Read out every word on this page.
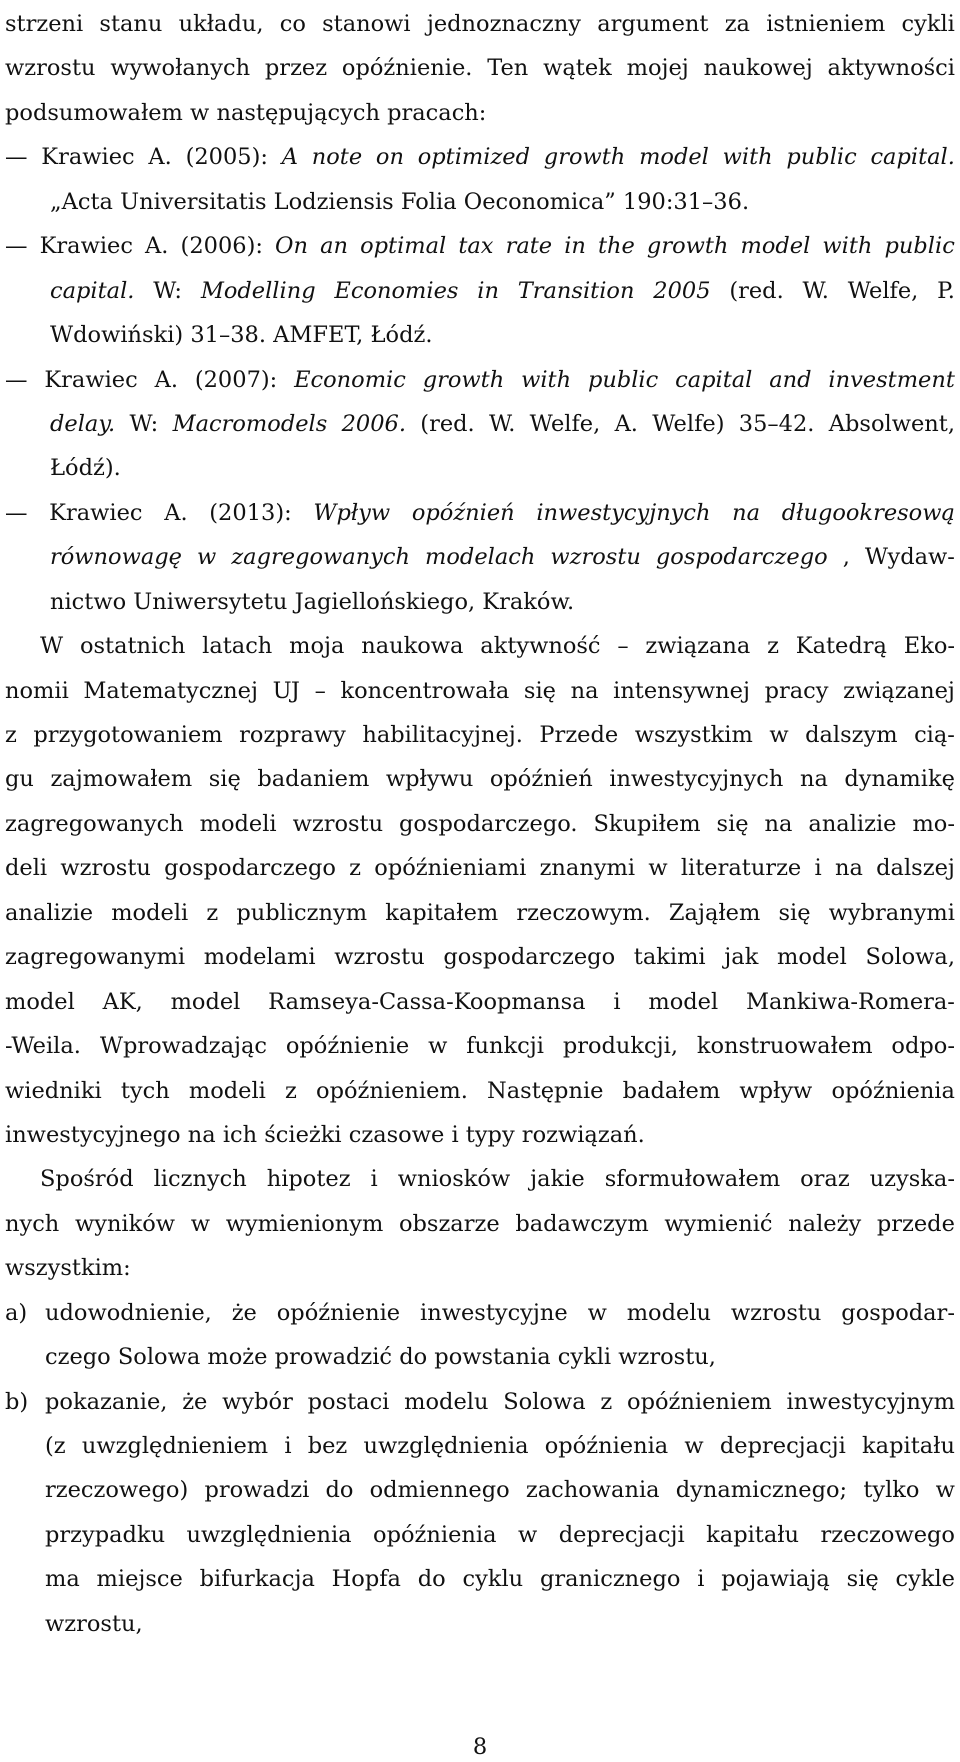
strzeni stanu układu, co stanowi jednoznaczny argument za istnieniem cykli
wzrostu wywołanych przez opóźnienie. Ten wątek mojej naukowej aktywności
podsumowałem w następujących pracach:
— Krawiec A. (2005): A note on optimized growth model with public capital.
„Acta Universitatis Lodziensis Folia Oeconomica” 190:31–36.
— Krawiec A. (2006): On an optimal tax rate in the growth model with public
capital. W: Modelling Economies in Transition 2005 (red. W. Welfe, P.
Wdowiński) 31–38. AMFET, Łódź.
— Krawiec A. (2007): Economic growth with public capital and investment
delay. W: Macromodels 2006. (red. W. Welfe, A. Welfe) 35–42. Absolwent,
Łódź).
— Krawiec A. (2013): Wpływ opóźnień inwestycyjnych na długookresową
równowagę w zagregowanych modelach wzrostu gospodarczego , Wydaw-
nictwo Uniwersytetu Jagiellońskiego, Kraków.
W ostatnich latach moja naukowa aktywność – związana z Katedrą Eko-
nomii Matematycznej UJ – koncentrowała się na intensywnej pracy związanej
z przygotowaniem rozprawy habilitacyjnej. Przede wszystkim w dalszym cią-
gu zajmowałem się badaniem wpływu opóźnień inwestycyjnych na dynamikę
zagregowanych modeli wzrostu gospodarczego. Skupiłem się na analizie mo-
deli wzrostu gospodarczego z opóźnieniami znanymi w literaturze i na dalszej
analizie modeli z publicznym kapitałem rzeczowym. Zająłem się wybranymi
zagregowanymi modelami wzrostu gospodarczego takimi jak model Solowa,
model AK, model Ramseya-Cassa-Koopmansa i model Mankiwa-Romera-
-Weila. Wprowadzając opóźnienie w funkcji produkcji, konstruowałem odpo-
wiedniki tych modeli z opóźnieniem. Następnie badałem wpływ opóźnienia
inwestycyjnego na ich ścieżki czasowe i typy rozwiązań.
Spośród licznych hipotez i wniosków jakie sformułowałem oraz uzyska-
nych wyników w wymienionym obszarze badawczym wymienić należy przede
wszystkim:
a) udowodnienie, że opóźnienie inwestycyjne w modelu wzrostu gospodar-
czego Solowa może prowadzić do powstania cykli wzrostu,
b) pokazanie, że wybór postaci modelu Solowa z opóźnieniem inwestycyjnym
(z uwzględnieniem i bez uwzględnienia opóźnienia w deprecjacji kapitału
rzeczowego) prowadzi do odmiennego zachowania dynamicznego; tylko w
przypadku uwzględnienia opóźnienia w deprecjacji kapitału rzeczowego
ma miejsce bifurkacja Hopfa do cyklu granicznego i pojawiają się cykle
wzrostu,
8
